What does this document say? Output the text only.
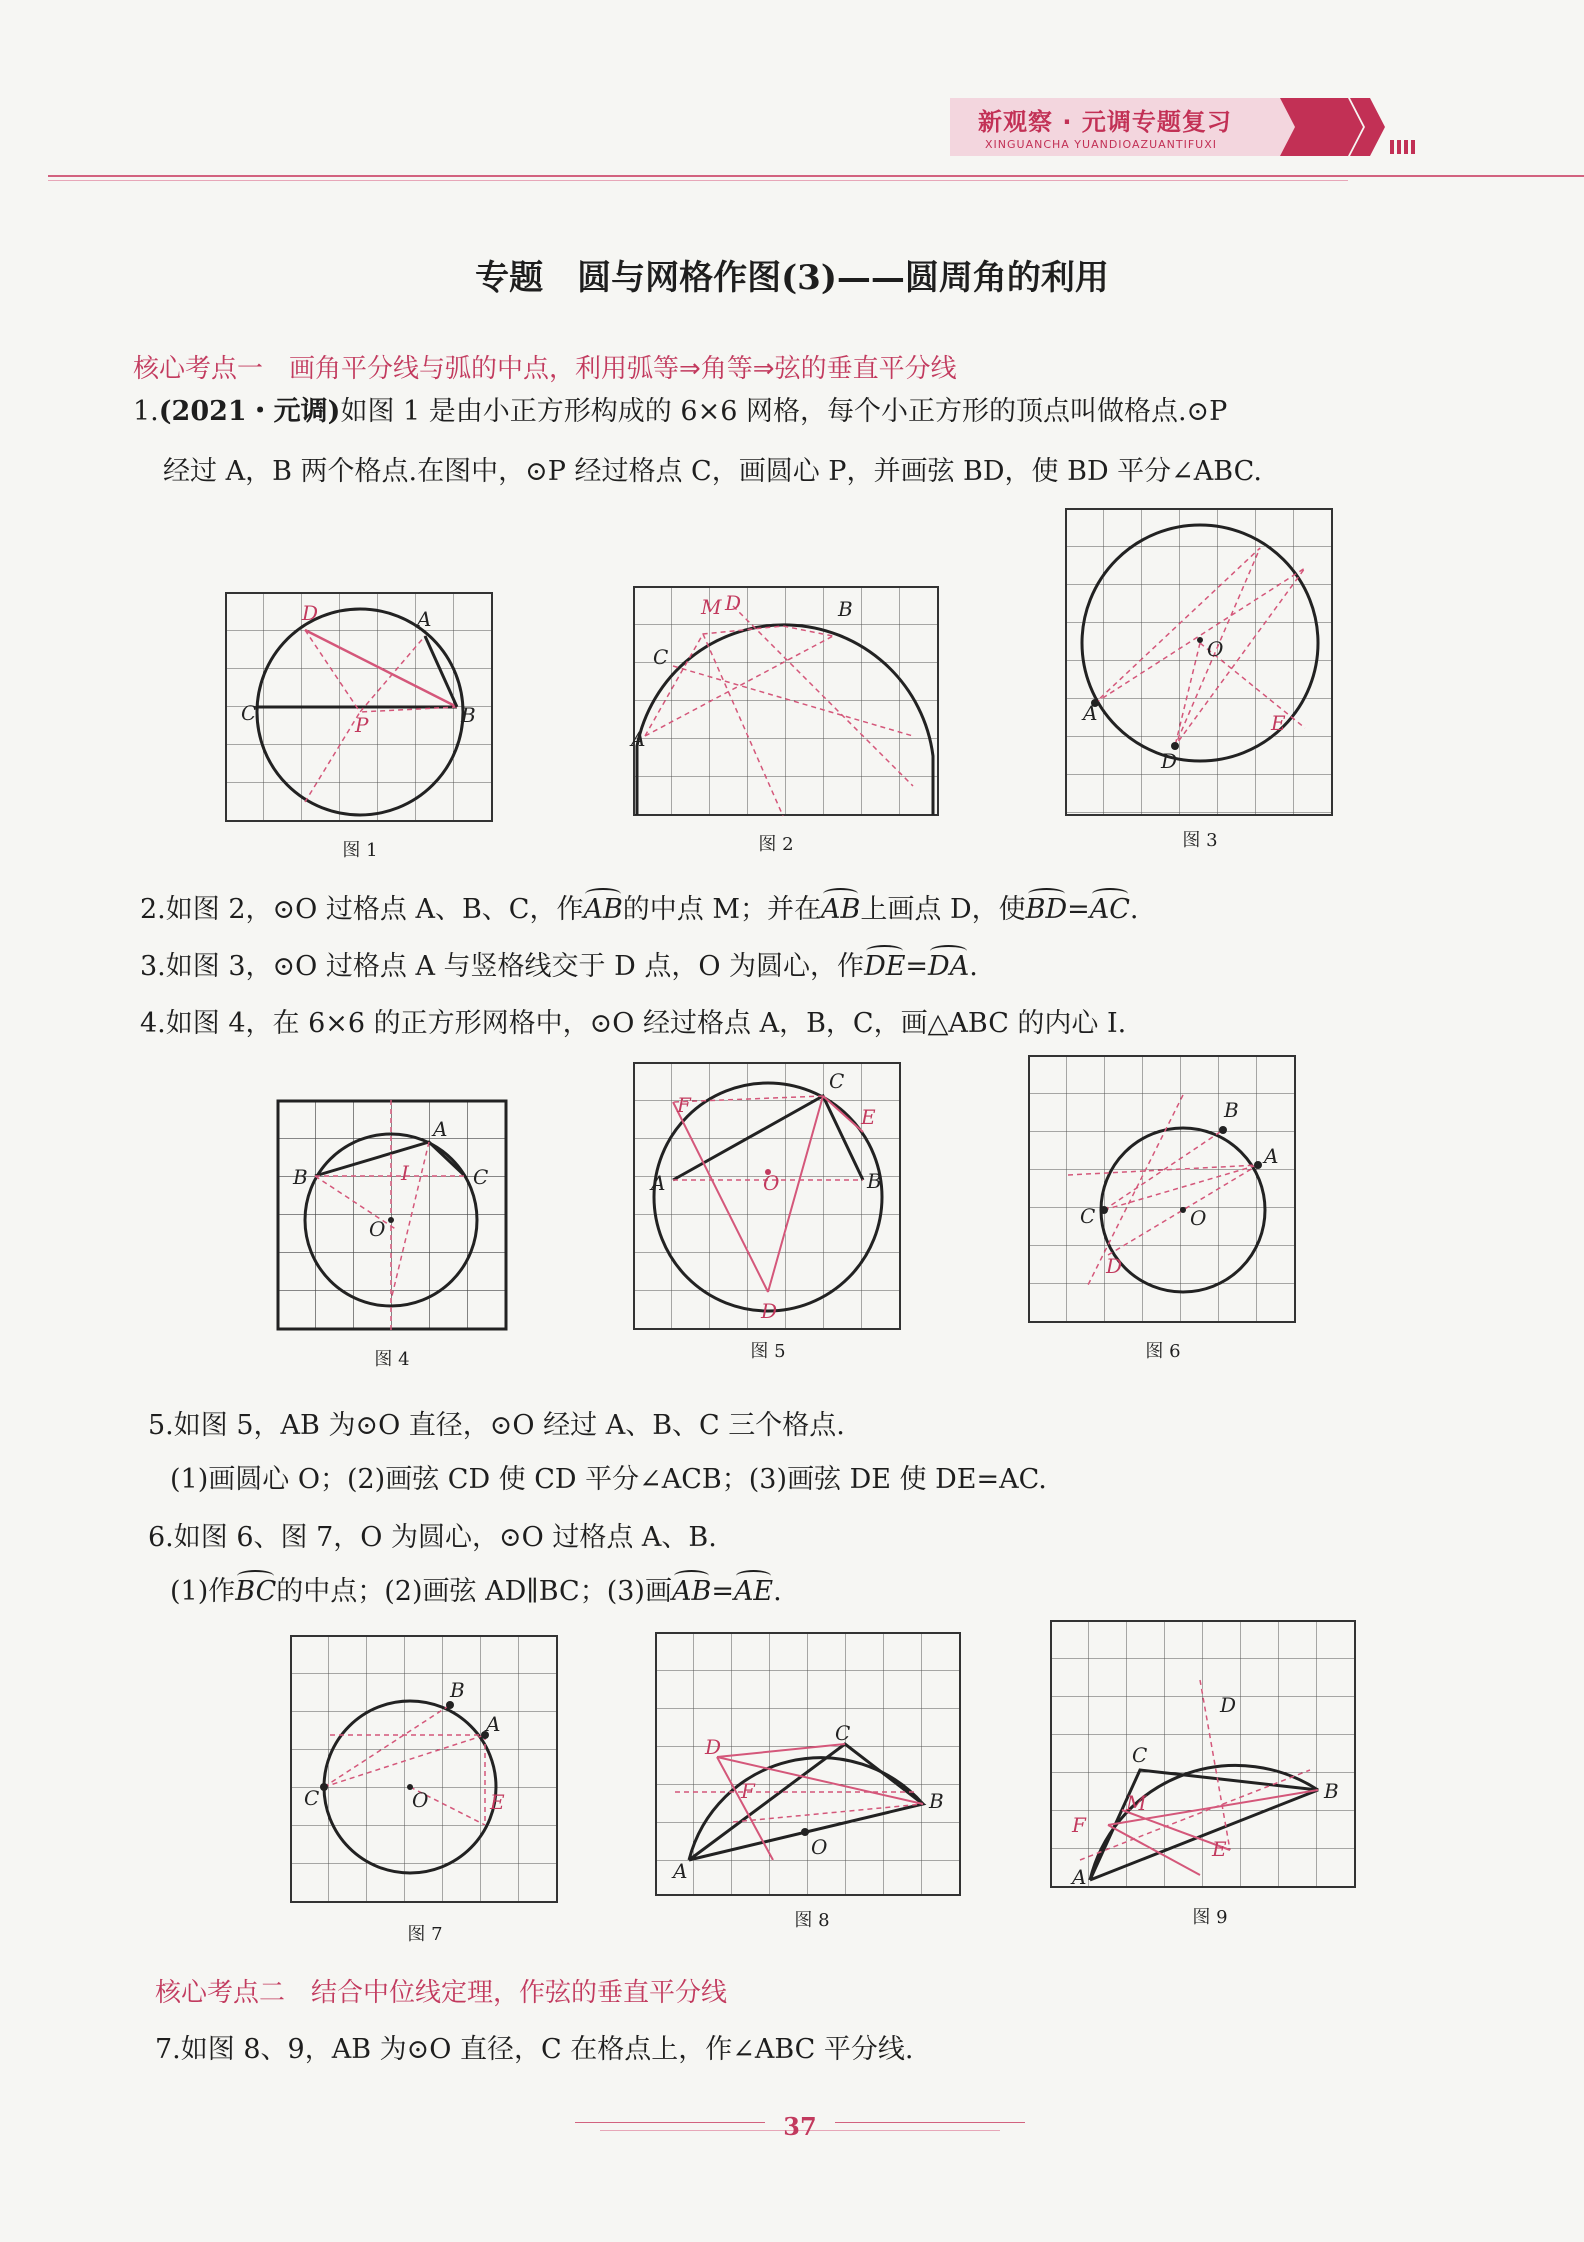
新观察 · 元调专题复习
XINGUANCHA YUANDIOAZUANTIFUXI
专题　圆与网格作图(3)——圆周角的利用
核心考点一　画角平分线与弧的中点，利用弧等⇒角等⇒弦的垂直平分线
1.(2021・元调)如图 1 是由小正方形构成的 6×6 网格，每个小正方形的顶点叫做格点.⊙P
经过 A，B 两个格点.在图中，⊙P 经过格点 C，画圆心 P，并画弦 BD，使 BD 平分∠ABC.
D	A
C	P	B
图 1
M D	B
C
A
图 2
O
A
D
E
图 3
2.如图 2，⊙O 过格点 A、B、C，作AB的中点 M；并在AB上画点 D，使BD=AC.
3.如图 3，⊙O 过格点 A 与竖格线交于 D 点，O 为圆心，作DE=DA.
4.如图 4，在 6×6 的正方形网格中，⊙O 经过格点 A，B，C，画△ABC 的内心 I.
A
B	I	C
O
图 4
C
F	E
A	O	B
D
图 5
B
A
C	O
D
图 6
5.如图 5，AB 为⊙O 直径，⊙O 经过 A、B、C 三个格点.
(1)画圆心 O；(2)画弦 CD 使 CD 平分∠ACB；(3)画弦 DE 使 DE=AC.
6.如图 6、图 7，O 为圆心，⊙O 过格点 A、B.
(1)作BC的中点；(2)画弦 AD∥BC；(3)画AB=AE.
B
A
C	O	E
图 7
D
C
F	B
O
A
图 8
D
C
B
F
M
E
A
图 9
核心考点二　结合中位线定理，作弦的垂直平分线
7.如图 8、9，AB 为⊙O 直径，C 在格点上，作∠ABC 平分线.
37
